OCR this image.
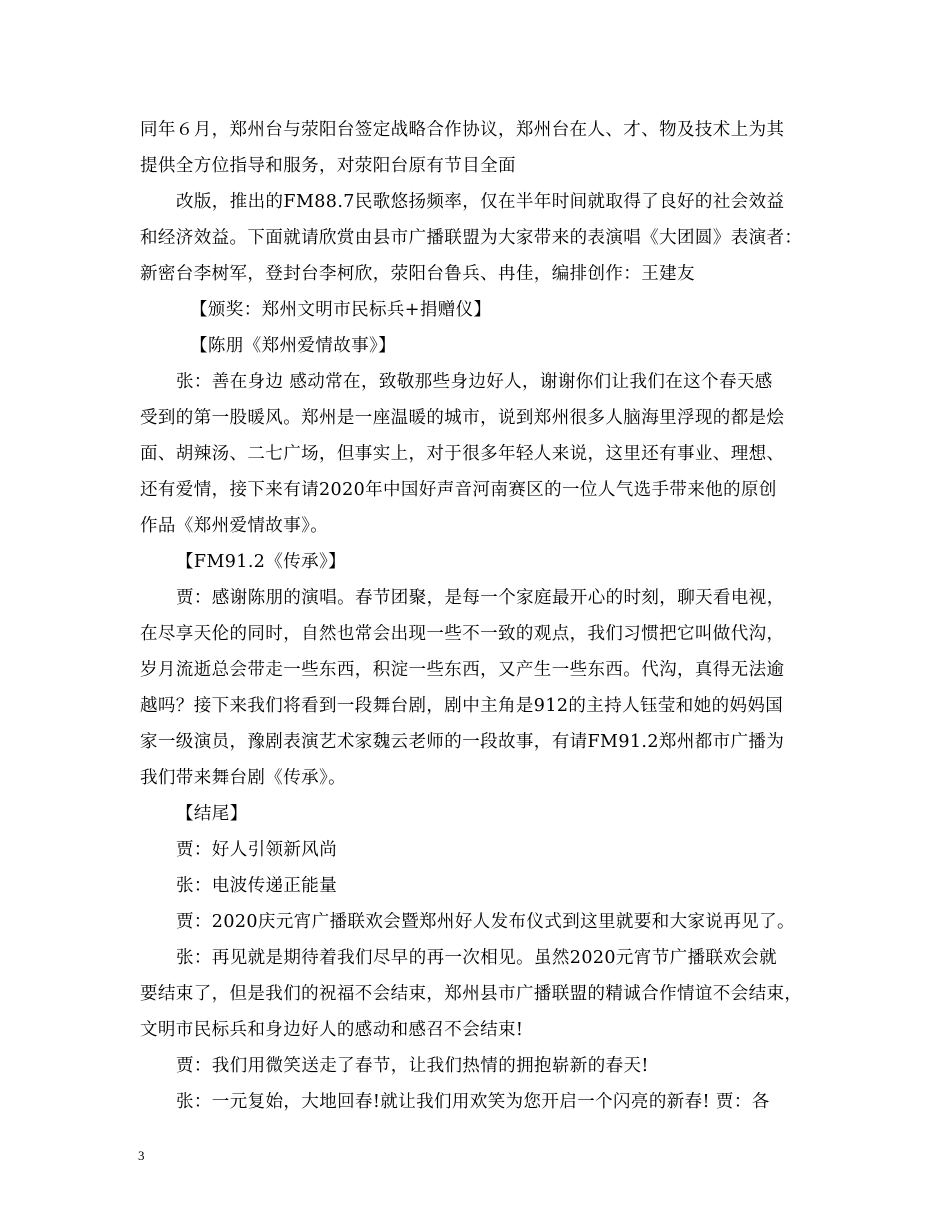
同年６月，郑州台与荥阳台签定战略合作协议，郑州台在人、才、物及技术上为其
提供全方位指导和服务，对荥阳台原有节目全面
改版，推出的FM88.7民歌悠扬频率，仅在半年时间就取得了良好的社会效益
和经济效益。下面就请欣赏由县市广播联盟为大家带来的表演唱《大团圆》表演者：
新密台李树军，登封台李柯欣，荥阳台鲁兵、冉佳，编排创作：王建友
【颁奖：郑州文明市民标兵+捐赠仪】
【陈朋《郑州爱情故事》】
张：善在身边 感动常在，致敬那些身边好人，谢谢你们让我们在这个春天感
受到的第一股暖风。郑州是一座温暖的城市，说到郑州很多人脑海里浮现的都是烩
面、胡辣汤、二七广场，但事实上，对于很多年轻人来说，这里还有事业、理想、
还有爱情，接下来有请2020年中国好声音河南赛区的一位人气选手带来他的原创
作品《郑州爱情故事》。
【FM91.2《传承》】
贾：感谢陈朋的演唱。春节团聚，是每一个家庭最开心的时刻，聊天看电视，
在尽享天伦的同时，自然也常会出现一些不一致的观点，我们习惯把它叫做代沟，
岁月流逝总会带走一些东西，积淀一些东西，又产生一些东西。代沟，真得无法逾
越吗？接下来我们将看到一段舞台剧，剧中主角是912的主持人钰莹和她的妈妈国
家一级演员，豫剧表演艺术家魏云老师的一段故事，有请FM91.2郑州都市广播为
我们带来舞台剧《传承》。
【结尾】
贾：好人引领新风尚
张：电波传递正能量
贾：2020庆元宵广播联欢会暨郑州好人发布仪式到这里就要和大家说再见了。
张：再见就是期待着我们尽早的再一次相见。虽然2020元宵节广播联欢会就
要结束了，但是我们的祝福不会结束，郑州县市广播联盟的精诚合作情谊不会结束，
文明市民标兵和身边好人的感动和感召不会结束!
贾：我们用微笑送走了春节，让我们热情的拥抱崭新的春天!
张：一元复始，大地回春!就让我们用欢笑为您开启一个闪亮的新春! 贾：各
3
